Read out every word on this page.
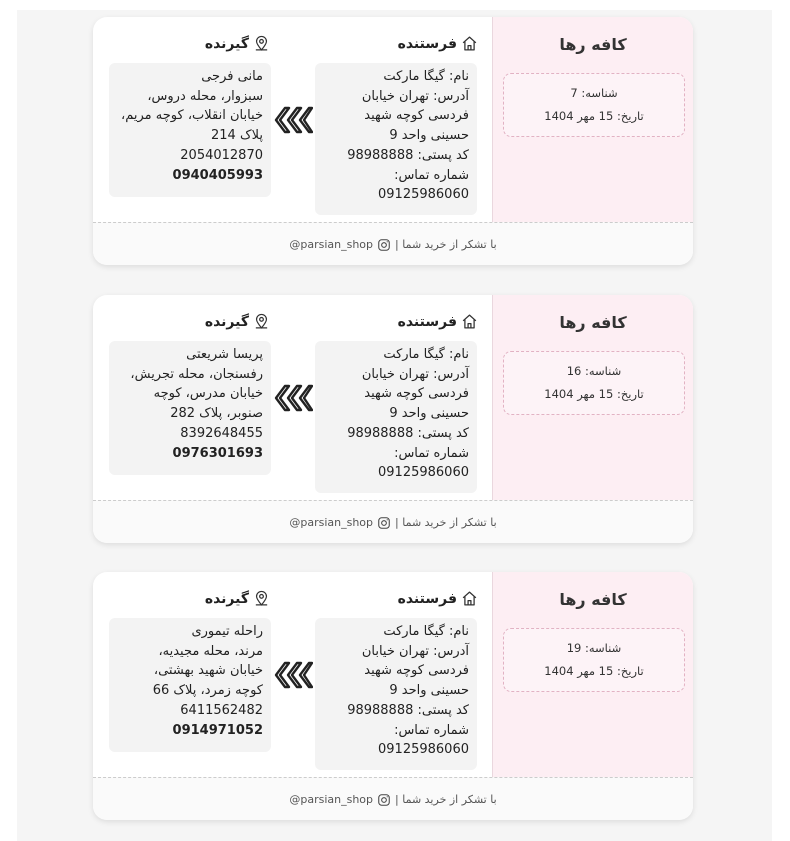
کافه رها
شناسه: 7
تاریخ: 15 مهر 1404
فرستنده
نام: گیگا مارکت
آدرس: تهران خیابان
فردسی کوچه شهید
حسینی واحد 9
کد پستی: 98988888
شماره تماس:
09125986060
گیرنده
مانی فرجی
سبزوار، محله دروس،
خیابان انقلاب، کوچه مریم،
پلاک 214
2054012870
0940405993
با تشکر از خرید شما |
@parsian_shop
کافه رها
شناسه: 16
تاریخ: 15 مهر 1404
فرستنده
نام: گیگا مارکت
آدرس: تهران خیابان
فردسی کوچه شهید
حسینی واحد 9
کد پستی: 98988888
شماره تماس:
09125986060
گیرنده
پریسا شریعتی
رفسنجان، محله تجریش،
خیابان مدرس، کوچه
صنوبر، پلاک 282
8392648455
0976301693
با تشکر از خرید شما |
@parsian_shop
کافه رها
شناسه: 19
تاریخ: 15 مهر 1404
فرستنده
نام: گیگا مارکت
آدرس: تهران خیابان
فردسی کوچه شهید
حسینی واحد 9
کد پستی: 98988888
شماره تماس:
09125986060
گیرنده
راحله تیموری
مرند، محله مجیدیه،
خیابان شهید بهشتی،
کوچه زمرد، پلاک 66
6411562482
0914971052
با تشکر از خرید شما |
@parsian_shop
